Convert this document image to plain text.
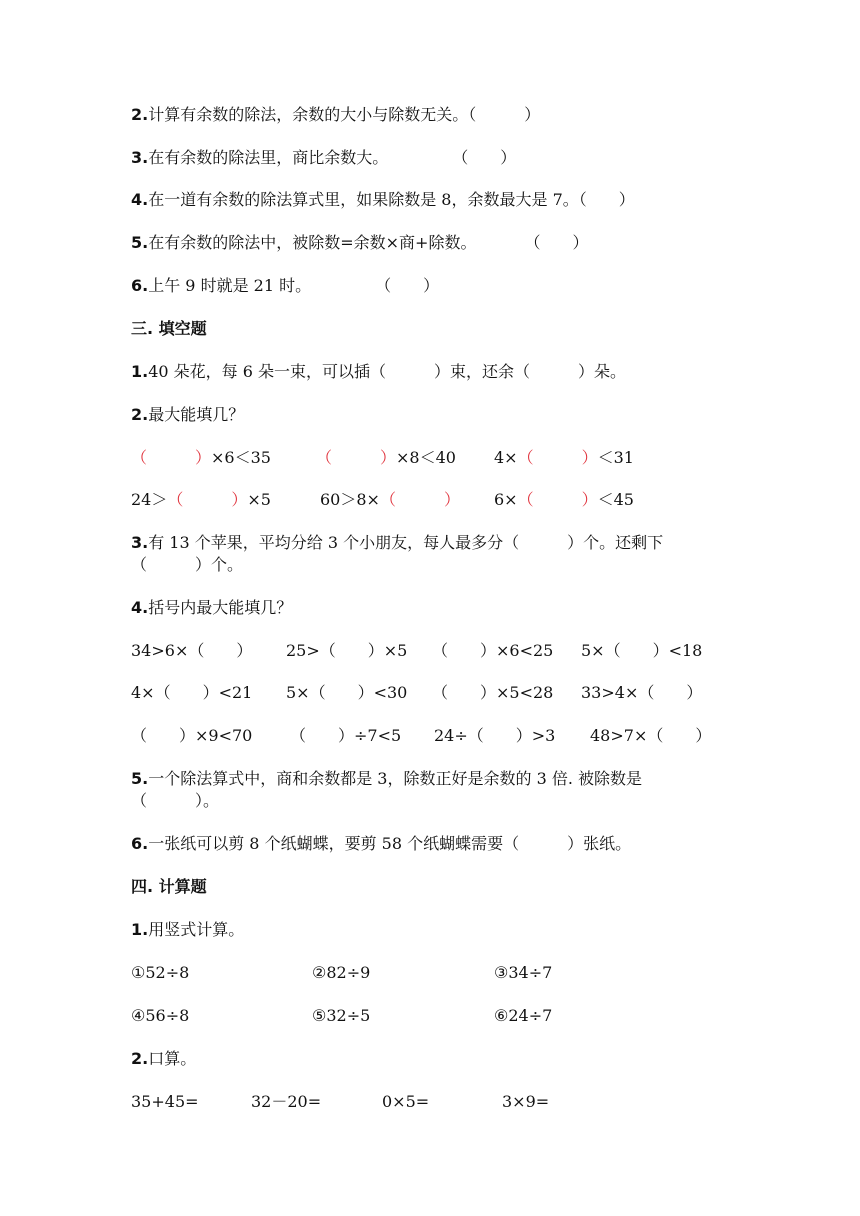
2.计算有余数的除法，余数的大小与除数无关。（　　　）
3.在有余数的除法里，商比余数大。　　　　　（　　）
4.在一道有余数的除法算式里，如果除数是 8，余数最大是 7。（　　）
5.在有余数的除法中，被除数=余数×商+除数。　　　　（　　）
6.上午 9 时就是 21 时。　　　　　（　　）
三. 填空题
1.40 朵花，每 6 朵一束，可以插（　　　）束，还余（　　　）朵。
2.最大能填几？
（　　　）×6＜35	（　　　）×8＜40 4×（　　　）＜31
24＞（　　　）×5	60＞8×（　　　） 6×（　　　）＜45
3.有 13 个苹果，平均分给 3 个小朋友，每人最多分（　　　）个。还剩下
（　　　）个。
4.括号内最大能填几？
34>6×（　　） 25>（　　）×5 （　　）×6<25 5×（　　）<18
4×（　　）<21 5×（　　）<30 （　　）×5<28 33>4×（　　）
（　　）×9<70 （　　）÷7<5 24÷（　　）>3 48>7×（　　）
5.一个除法算式中，商和余数都是 3，除数正好是余数的 3 倍. 被除数是
（　　　）。
6.一张纸可以剪 8 个纸蝴蝶，要剪 58 个纸蝴蝶需要（　　　）张纸。
四. 计算题
1.用竖式计算。
①52÷8	②82÷9	③34÷7
④56÷8	⑤32÷5	⑥24÷7
2.口算。
35+45=	32－20=	0×5=	3×9=
